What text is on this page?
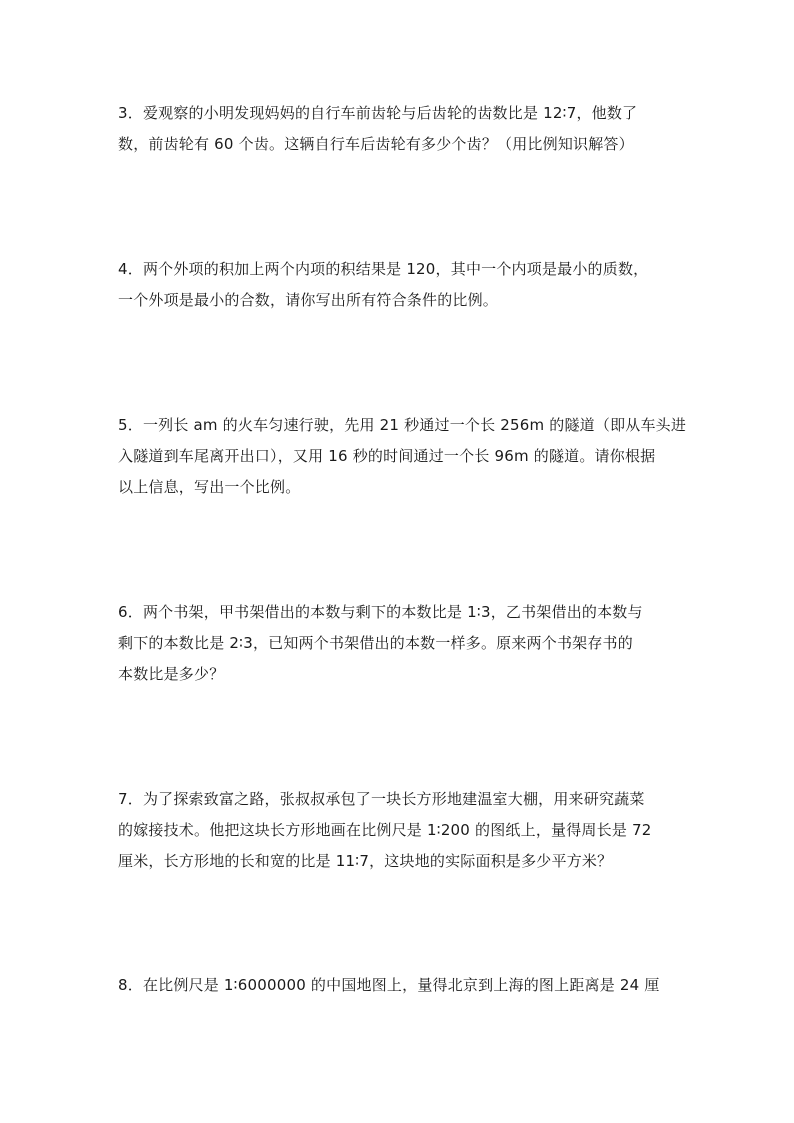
3．爱观察的小明发现妈妈的自行车前齿轮与后齿轮的齿数比是 12∶7，他数了
数，前齿轮有 60 个齿。这辆自行车后齿轮有多少个齿？（用比例知识解答）
4．两个外项的积加上两个内项的积结果是 120，其中一个内项是最小的质数，
一个外项是最小的合数，请你写出所有符合条件的比例。
5．一列长 am 的火车匀速行驶，先用 21 秒通过一个长 256m 的隧道（即从车头进
入隧道到车尾离开出口），又用 16 秒的时间通过一个长 96m 的隧道。请你根据
以上信息，写出一个比例。
6．两个书架，甲书架借出的本数与剩下的本数比是 1∶3，乙书架借出的本数与
剩下的本数比是 2∶3，已知两个书架借出的本数一样多。原来两个书架存书的
本数比是多少？
7．为了探索致富之路，张叔叔承包了一块长方形地建温室大棚，用来研究蔬菜
的嫁接技术。他把这块长方形地画在比例尺是 1∶200 的图纸上，量得周长是 72
厘米，长方形地的长和宽的比是 11∶7，这块地的实际面积是多少平方米？
8．在比例尺是 1∶6000000 的中国地图上，量得北京到上海的图上距离是 24 厘
